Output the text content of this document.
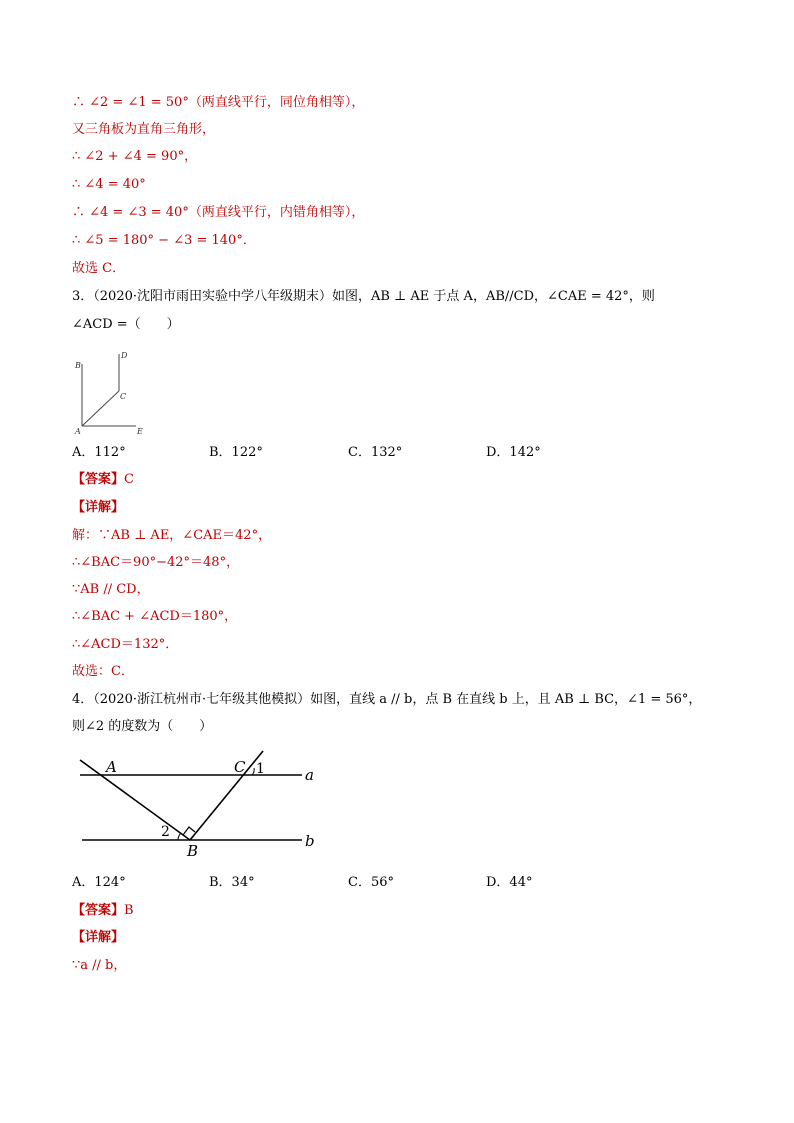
∴ ∠2 = ∠1 = 50°（两直线平行，同位角相等），
又三角板为直角三角形，
∴ ∠2 + ∠4 = 90°，
∴ ∠4 = 40°
∴ ∠4 = ∠3 = 40°（两直线平行，内错角相等），
∴ ∠5 = 180° − ∠3 = 140°．
故选 C．
3．（2020·沈阳市雨田实验中学八年级期末）如图，AB ⊥ AE 于点 A，AB//CD，∠CAE = 42°，则
∠ACD =（　　）
B
D
C
A	E
A．112°	B．122°	C．132°	D．142°
【答案】C
【详解】
解：∵AB ⊥ AE，∠CAE＝42°，
∴∠BAC＝90°−42°＝48°，
∵AB // CD，
∴∠BAC + ∠ACD＝180°，
∴∠ACD＝132°．
故选：C．
4．（2020·浙江杭州市·七年级其他模拟）如图，直线 a // b，点 B 在直线 b 上，且 AB ⊥ BC，∠1 = 56°，
则∠2 的度数为（　　）
A	C
B
a
b
1
2
A．124°	B．34°	C．56°	D．44°
【答案】B
【详解】
∵a // b，
